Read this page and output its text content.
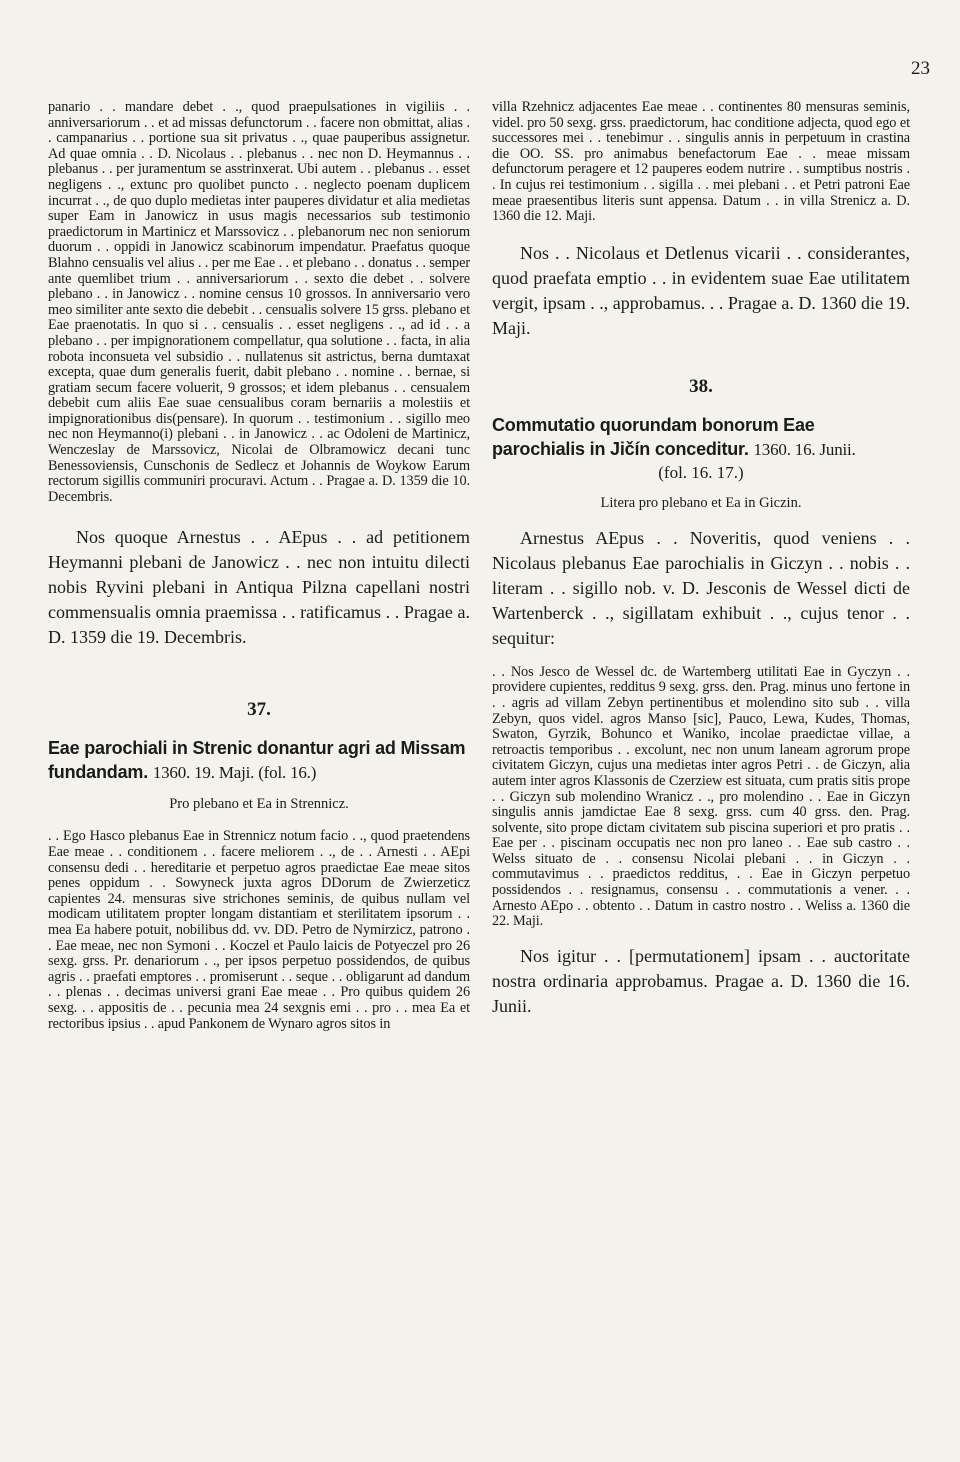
23

panario . . mandare debet . ., quod praepulsationes in vigiliis . . anniversariorum . . et ad missas defunctorum . . facere non obmittat, alias . . campanarius . . portione sua sit privatus . ., quae pauperibus assignetur. Ad quae omnia . . D. Nicolaus . . plebanus . . nec non D. Heymannus . . plebanus . . per juramentum se asstrinxerat. Ubi autem . . plebanus . . esset negligens . ., extunc pro quolibet puncto . . neglecto poenam duplicem incurrat . ., de quo duplo medietas inter pauperes dividatur et alia medietas super Eam in Janowicz in usus magis necessarios sub testimonio praedictorum in Martinicz et Marssovicz . . plebanorum nec non seniorum duorum . . oppidi in Janowicz scabinorum impendatur. Praefatus quoque Blahno censualis vel alius . . per me Eae . . et plebano . . donatus . . semper ante quemlibet trium . . anniversariorum . . sexto die debet . . solvere plebano . . in Janowicz . . nomine census 10 grossos. In anniversario vero meo similiter ante sexto die debebit . . censualis solvere 15 grss. plebano et Eae praenotatis. In quo si . . censualis . . esset negligens . ., ad id . . a plebano . . per impignorationem compellatur, qua solutione . . facta, in alia robota inconsueta vel subsidio . . nullatenus sit astrictus, berna dumtaxat excepta, quae dum generalis fuerit, dabit plebano . . nomine . . bernae, si gratiam secum facere voluerit, 9 grossos; et idem plebanus . . censualem debebit cum aliis Eae suae censualibus coram bernariis a molestiis et impignorationibus dis(pensare). In quorum . . testimonium . . sigillo meo nec non Heymanno(i) plebani . . in Janowicz . . ac Odoleni de Martinicz, Wenczeslay de Marssovicz, Nicolai de Olbramowicz decani tunc Benessoviensis, Cunschonis de Sedlecz et Johannis de Woykow Earum rectorum sigillis communiri procuravi. Actum . . Pragae a. D. 1359 die 10. Decembris.

Nos quoque Arnestus . . AEpus . . ad petitionem Heymanni plebani de Janowicz . . nec non intuitu dilecti nobis Ryvini plebani in Antiqua Pilzna capellani nostri commensualis omnia praemissa . . ratificamus . . Pragae a. D. 1359 die 19. Decembris.

37.

Eae parochiali in Strenic donantur agri ad Missam fundandam. 1360. 19. Maji. (fol. 16.)

Pro plebano et Ea in Strennicz.

. . Ego Hasco plebanus Eae in Strennicz notum facio . ., quod praetendens Eae meae . . conditionem . . facere meliorem . ., de . . Arnesti . . AEpi consensu dedi . . hereditarie et perpetuo agros praedictae Eae meae sitos penes oppidum . . Sowyneck juxta agros DDorum de Zwierzeticz capientes 24. mensuras sive strichones seminis, de quibus nullam vel modicam utilitatem propter longam distantiam et sterilitatem ipsorum . . mea Ea habere potuit, nobilibus dd. vv. DD. Petro de Nymirzicz, patrono . . Eae meae, nec non Symoni . . Koczel et Paulo laicis de Potyeczel pro 26 sexg. grss. Pr. denariorum . ., per ipsos perpetuo possidendos, de quibus agris . . praefati emptores . . promiserunt . . seque . . obligarunt ad dandum . . plenas . . decimas universi grani Eae meae . . Pro quibus quidem 26 sexg. . . appositis de . . pecunia mea 24 sexgnis emi . . pro . . mea Ea et rectoribus ipsius . . apud Pankonem de Wynaro agros sitos in

villa Rzehnicz adjacentes Eae meae . . continentes 80 mensuras seminis, videl. pro 50 sexg. grss. praedictorum, hac conditione adjecta, quod ego et successores mei . . tenebimur . . singulis annis in perpetuum in crastina die OO. SS. pro animabus benefactorum Eae . . meae missam defunctorum peragere et 12 pauperes eodem nutrire . . sumptibus nostris . . In cujus rei testimonium . . sigilla . . mei plebani . . et Petri patroni Eae meae praesentibus literis sunt appensa. Datum . . in villa Strenicz a. D. 1360 die 12. Maji.

Nos . . Nicolaus et Detlenus vicarii . . considerantes, quod praefata emptio . . in evidentem suae Eae utilitatem vergit, ipsam . ., approbamus. . . Pragae a. D. 1360 die 19. Maji.

38.

Commutatio quorundam bonorum Eae parochialis in Jičín conceditur. 1360. 16. Junii.

(fol. 16. 17.)

Litera pro plebano et Ea in Giczin.

Arnestus AEpus . . Noveritis, quod veniens . . Nicolaus plebanus Eae parochialis in Giczyn . . nobis . . literam . . sigillo nob. v. D. Jesconis de Wessel dicti de Wartenberck . ., sigillatam exhibuit . ., cujus tenor . . sequitur:

. . Nos Jesco de Wessel dc. de Wartemberg utilitati Eae in Gyczyn . . providere cupientes, redditus 9 sexg. grss. den. Prag. minus uno fertone in . . agris ad villam Zebyn pertinentibus et molendino sito sub . . villa Zebyn, quos videl. agros Manso [sic], Pauco, Lewa, Kudes, Thomas, Swaton, Gyrzik, Bohunco et Waniko, incolae praedictae villae, a retroactis temporibus . . excolunt, nec non unum laneam agrorum prope civitatem Giczyn, cujus una medietas inter agros Petri . . de Giczyn, alia autem inter agros Klassonis de Czerziew est situata, cum pratis sitis prope . . Giczyn sub molendino Wranicz . ., pro molendino . . Eae in Giczyn singulis annis jamdictae Eae 8 sexg. grss. cum 40 grss. den. Prag. solvente, sito prope dictam civitatem sub piscina superiori et pro pratis . . Eae per . . piscinam occupatis nec non pro laneo . . Eae sub castro . . Welss situato de . . consensu Nicolai plebani . . in Giczyn . . commutavimus . . praedictos redditus, . . Eae in Giczyn perpetuo possidendos . . resignamus, consensu . . commutationis a vener. . . Arnesto AEpo . . obtento . . Datum in castro nostro . . Weliss a. 1360 die 22. Maji.

Nos igitur . . [permutationem] ipsam . . auctoritate nostra ordinaria approbamus. Pragae a. D. 1360 die 16. Junii.
